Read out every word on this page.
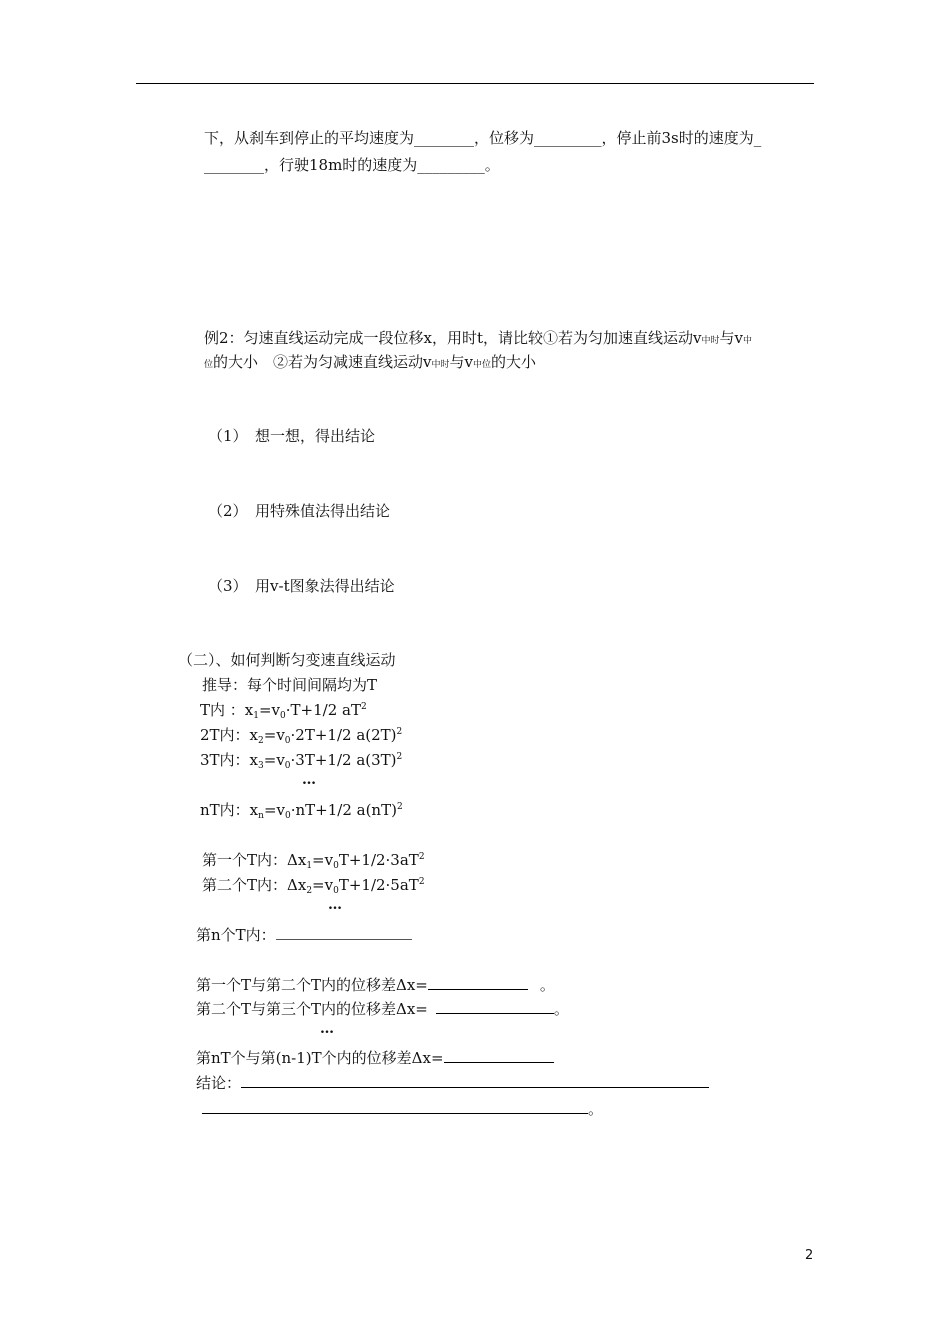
下，从刹车到停止的平均速度为________，位移为_________，停止前3s时的速度为_
________，行驶18m时的速度为_________。
例2：匀速直线运动完成一段位移x，用时t，请比较①若为匀加速直线运动v中时与v中
位的大小　②若为匀减速直线运动v中时与v中位的大小
（1）　想一想，得出结论
（2）　用特殊值法得出结论
（3）　用v-t图象法得出结论
（二）、如何判断匀变速直线运动
推导：每个时间间隔均为T
T内 ：$x_1=v_0\cdot T+1/2$ $aT^2$
2T内：$x_2=v_0\cdot 2T+1/2$ $a(2T)^2$
3T内：$x_3=v_0\cdot 3T+1/2$ $a(3T)^2$
…
nT内：$x_n=v_0\cdot nT+1/2$ a(nT)$^2$
第一个T内：$\Delta x_1=v_0T+1/2\cdot 3aT^2$
第二个T内：$\Delta x_2=v_0T+1/2\cdot 5aT^2$
…
第n个T内：
第一个T与第二个T内的位移差Δx=	。
第二个T与第三个T内的位移差Δx=	。
…
第nT个与第(n-1)T个内的位移差Δx=
结论：
。
2
